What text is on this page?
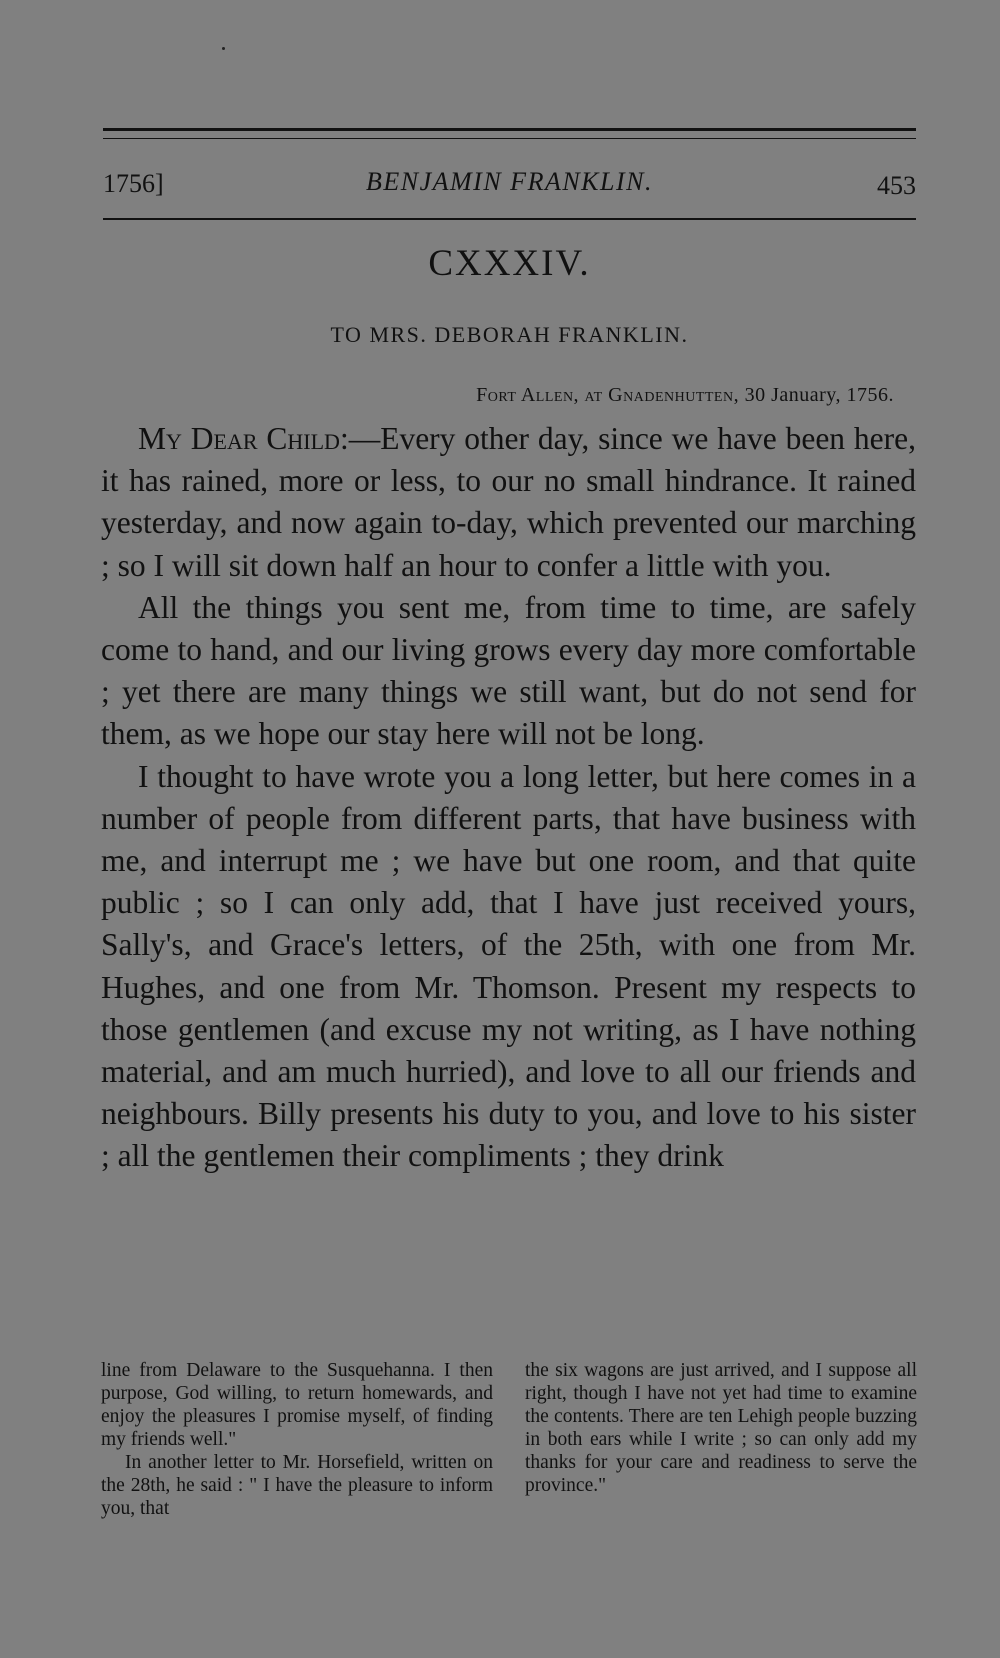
1756]	BENJAMIN FRANKLIN.	453
CXXXIV.
TO MRS. DEBORAH FRANKLIN.
Fort Allen, at Gnadenhutten, 30 January, 1756.

My Dear Child:—Every other day, since we have been here, it has rained, more or less, to our no small hindrance. It rained yesterday, and now again to-day, which prevented our marching ; so I will sit down half an hour to confer a little with you.

All the things you sent me, from time to time, are safely come to hand, and our living grows every day more comfortable ; yet there are many things we still want, but do not send for them, as we hope our stay here will not be long.

I thought to have wrote you a long letter, but here comes in a number of people from different parts, that have business with me, and interrupt me ; we have but one room, and that quite public ; so I can only add, that I have just received yours, Sally's, and Grace's letters, of the 25th, with one from Mr. Hughes, and one from Mr. Thomson. Present my respects to those gentlemen (and excuse my not writing, as I have nothing material, and am much hurried), and love to all our friends and neighbours. Billy presents his duty to you, and love to his sister ; all the gentlemen their compliments ; they drink

line from Delaware to the Susquehanna. I then purpose, God willing, to return homewards, and enjoy the pleasures I promise myself, of finding my friends well."

In another letter to Mr. Horsefield, written on the 28th, he said : " I have the pleasure to inform you, that

the six wagons are just arrived, and I suppose all right, though I have not yet had time to examine the contents. There are ten Lehigh people buzzing in both ears while I write ; so can only add my thanks for your care and readiness to serve the province."
